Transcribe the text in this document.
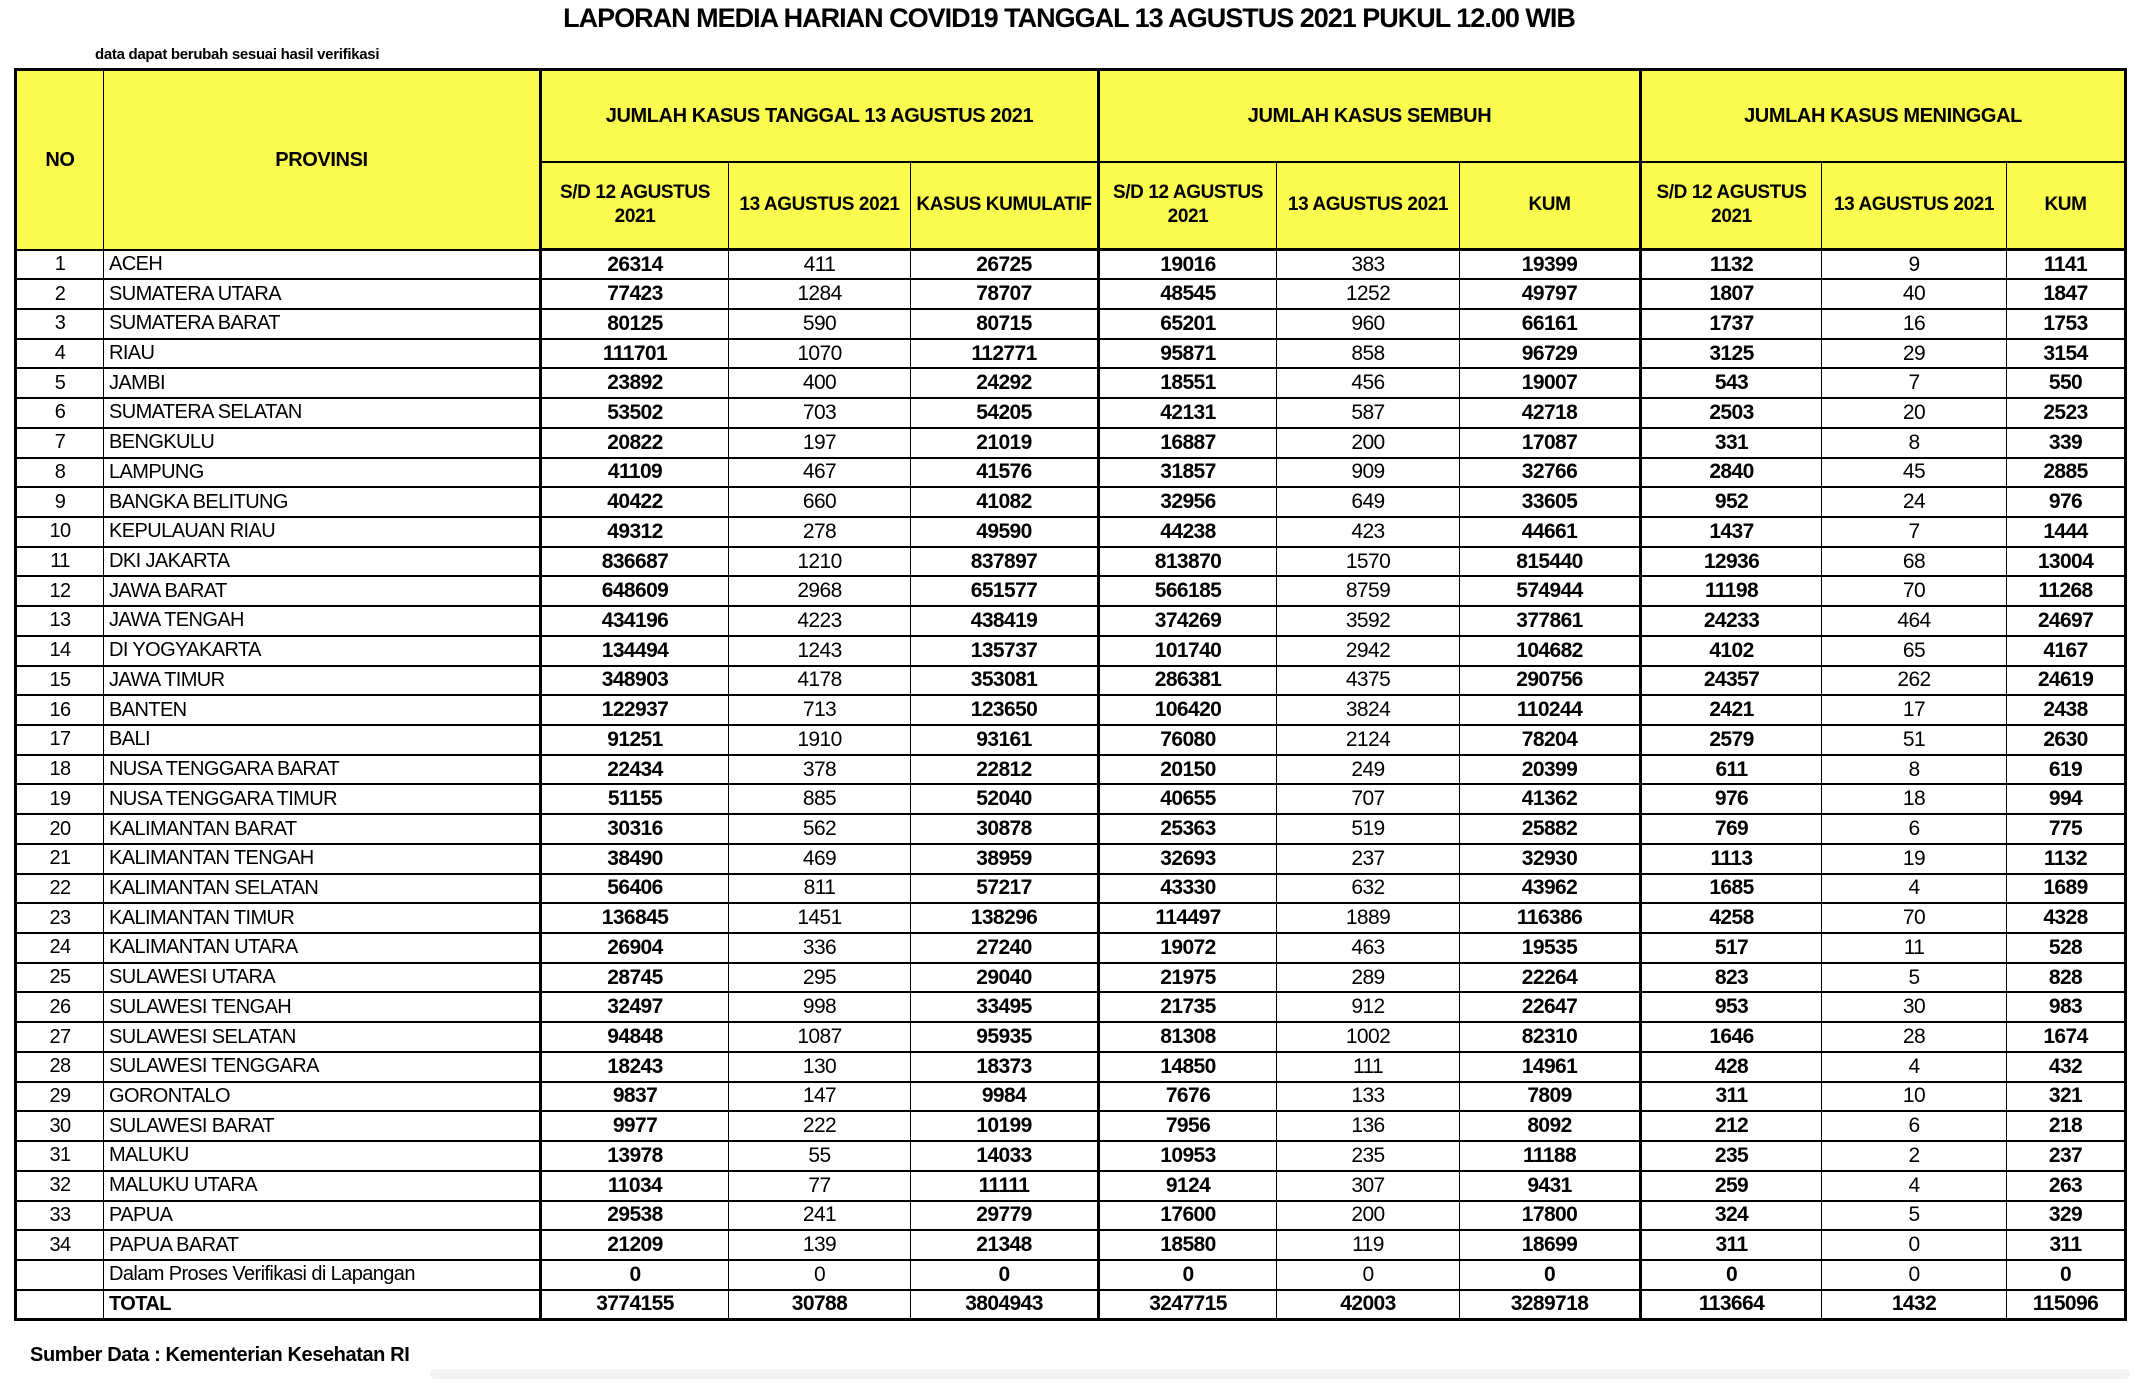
LAPORAN MEDIA HARIAN COVID19 TANGGAL 13 AGUSTUS 2021 PUKUL 12.00 WIB
data dapat berubah sesuai hasil verifikasi
NO	PROVINSI	JUMLAH KASUS TANGGAL 13 AGUSTUS 2021			JUMLAH KASUS SEMBUH			JUMLAH KASUS MENINGGAL		
		S/D 12 AGUSTUS 2021	13 AGUSTUS 2021	KASUS KUMULATIF	S/D 12 AGUSTUS 2021	13 AGUSTUS 2021	KUM	S/D 12 AGUSTUS 2021	13 AGUSTUS 2021	KUM
1	ACEH	26314	411	26725	19016	383	19399	1132	9	1141
2	SUMATERA UTARA	77423	1284	78707	48545	1252	49797	1807	40	1847
3	SUMATERA BARAT	80125	590	80715	65201	960	66161	1737	16	1753
4	RIAU	111701	1070	112771	95871	858	96729	3125	29	3154
5	JAMBI	23892	400	24292	18551	456	19007	543	7	550
6	SUMATERA SELATAN	53502	703	54205	42131	587	42718	2503	20	2523
7	BENGKULU	20822	197	21019	16887	200	17087	331	8	339
8	LAMPUNG	41109	467	41576	31857	909	32766	2840	45	2885
9	BANGKA BELITUNG	40422	660	41082	32956	649	33605	952	24	976
10	KEPULAUAN RIAU	49312	278	49590	44238	423	44661	1437	7	1444
11	DKI JAKARTA	836687	1210	837897	813870	1570	815440	12936	68	13004
12	JAWA BARAT	648609	2968	651577	566185	8759	574944	11198	70	11268
13	JAWA TENGAH	434196	4223	438419	374269	3592	377861	24233	464	24697
14	DI YOGYAKARTA	134494	1243	135737	101740	2942	104682	4102	65	4167
15	JAWA TIMUR	348903	4178	353081	286381	4375	290756	24357	262	24619
16	BANTEN	122937	713	123650	106420	3824	110244	2421	17	2438
17	BALI	91251	1910	93161	76080	2124	78204	2579	51	2630
18	NUSA TENGGARA BARAT	22434	378	22812	20150	249	20399	611	8	619
19	NUSA TENGGARA TIMUR	51155	885	52040	40655	707	41362	976	18	994
20	KALIMANTAN BARAT	30316	562	30878	25363	519	25882	769	6	775
21	KALIMANTAN TENGAH	38490	469	38959	32693	237	32930	1113	19	1132
22	KALIMANTAN SELATAN	56406	811	57217	43330	632	43962	1685	4	1689
23	KALIMANTAN TIMUR	136845	1451	138296	114497	1889	116386	4258	70	4328
24	KALIMANTAN UTARA	26904	336	27240	19072	463	19535	517	11	528
25	SULAWESI UTARA	28745	295	29040	21975	289	22264	823	5	828
26	SULAWESI TENGAH	32497	998	33495	21735	912	22647	953	30	983
27	SULAWESI SELATAN	94848	1087	95935	81308	1002	82310	1646	28	1674
28	SULAWESI TENGGARA	18243	130	18373	14850	111	14961	428	4	432
29	GORONTALO	9837	147	9984	7676	133	7809	311	10	321
30	SULAWESI BARAT	9977	222	10199	7956	136	8092	212	6	218
31	MALUKU	13978	55	14033	10953	235	11188	235	2	237
32	MALUKU UTARA	11034	77	11111	9124	307	9431	259	4	263
33	PAPUA	29538	241	29779	17600	200	17800	324	5	329
34	PAPUA BARAT	21209	139	21348	18580	119	18699	311	0	311
	Dalam Proses Verifikasi di Lapangan	0	0	0	0	0	0	0	0	0
	TOTAL	3774155	30788	3804943	3247715	42003	3289718	113664	1432	115096
Sumber Data : Kementerian Kesehatan RI
